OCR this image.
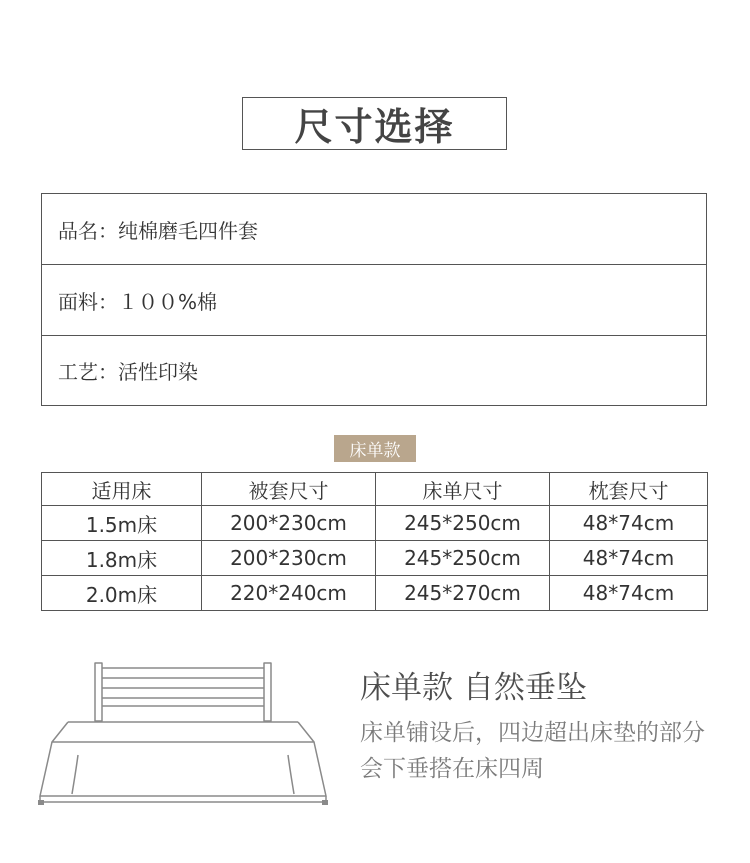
尺寸选择
品名： 纯棉磨毛四件套
面料： １００%棉
工艺： 活性印染
床单款
适用床	被套尺寸	床单尺寸	枕套尺寸
1.5m床	200*230cm	245*250cm	48*74cm
1.8m床	200*230cm	245*250cm	48*74cm
2.0m床	220*240cm	245*270cm	48*74cm
床单款 自然垂坠
床单铺设后，四边超出床垫的部分会下垂搭在床四周
